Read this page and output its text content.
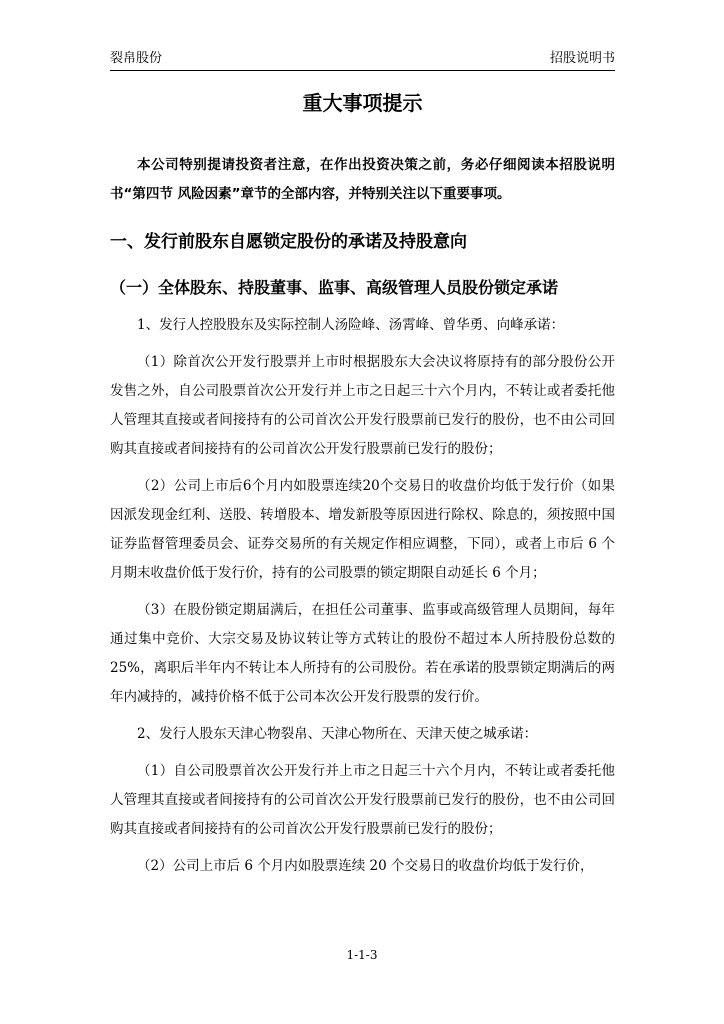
裂帛股份	招股说明书
重大事项提示

本公司特别提请投资者注意，在作出投资决策之前，务必仔细阅读本招股说明书“第四节 风险因素”章节的全部内容，并特别关注以下重要事项。

一、发行前股东自愿锁定股份的承诺及持股意向
（一）全体股东、持股董事、监事、高级管理人员股份锁定承诺

1、发行人控股股东及实际控制人汤险峰、汤霄峰、曾华勇、向峰承诺：

（1）除首次公开发行股票并上市时根据股东大会决议将原持有的部分股份公开发售之外，自公司股票首次公开发行并上市之日起三十六个月内，不转让或者委托他人管理其直接或者间接持有的公司首次公开发行股票前已发行的股份，也不由公司回购其直接或者间接持有的公司首次公开发行股票前已发行的股份；

（2）公司上市后6个月内如股票连续20个交易日的收盘价均低于发行价（如果因派发现金红利、送股、转增股本、增发新股等原因进行除权、除息的，须按照中国证券监督管理委员会、证券交易所的有关规定作相应调整，下同），或者上市后 6 个月期末收盘价低于发行价，持有的公司股票的锁定期限自动延长 6 个月；

（3）在股份锁定期届满后，在担任公司董事、监事或高级管理人员期间，每年通过集中竞价、大宗交易及协议转让等方式转让的股份不超过本人所持股份总数的25%，离职后半年内不转让本人所持有的公司股份。若在承诺的股票锁定期满后的两年内减持的，减持价格不低于公司本次公开发行股票的发行价。

2、发行人股东天津心物裂帛、天津心物所在、天津天使之城承诺：

（1）自公司股票首次公开发行并上市之日起三十六个月内，不转让或者委托他人管理其直接或者间接持有的公司首次公开发行股票前已发行的股份，也不由公司回购其直接或者间接持有的公司首次公开发行股票前已发行的股份；

（2）公司上市后 6 个月内如股票连续 20 个交易日的收盘价均低于发行价，

1-1-3
